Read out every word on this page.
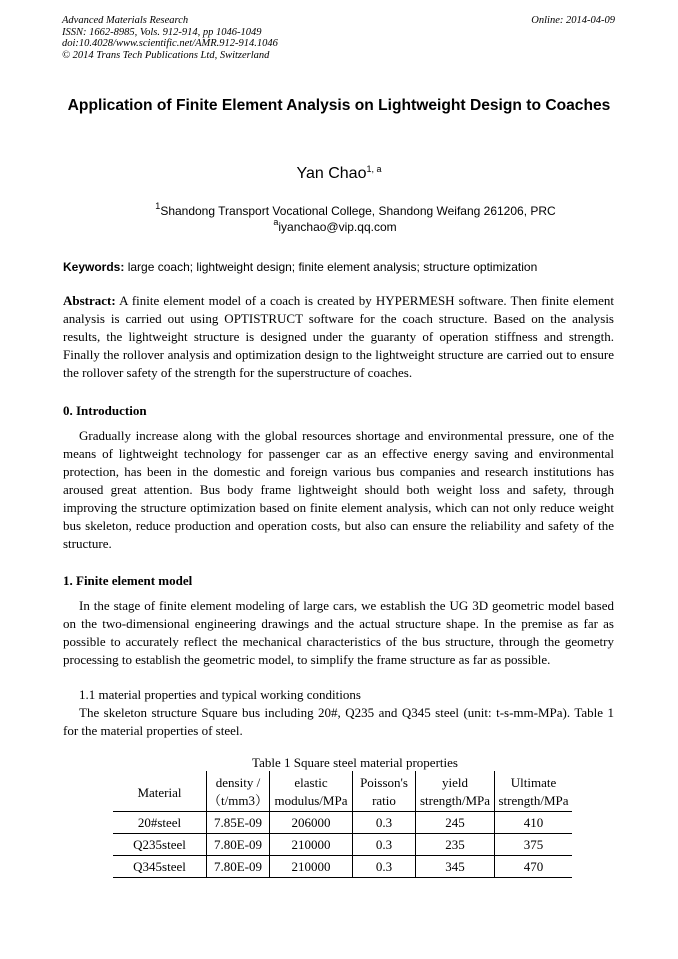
Advanced Materials Research
ISSN: 1662-8985, Vols. 912-914, pp 1046-1049
doi:10.4028/www.scientific.net/AMR.912-914.1046
© 2014 Trans Tech Publications Ltd, Switzerland
Online: 2014-04-09
Application of Finite Element Analysis on Lightweight Design to Coaches
Yan Chao$^{1, a}$
$^1$Shandong Transport Vocational College, Shandong Weifang 261206, PRC
$^a$iyanchao@vip.qq.com
Keywords: large coach; lightweight design; finite element analysis; structure optimization
Abstract: A finite element model of a coach is created by HYPERMESH software. Then finite element analysis is carried out using OPTISTRUCT software for the coach structure. Based on the analysis results, the lightweight structure is designed under the guaranty of operation stiffness and strength. Finally the rollover analysis and optimization design to the lightweight structure are carried out to ensure the rollover safety of the strength for the superstructure of coaches.
0. Introduction
Gradually increase along with the global resources shortage and environmental pressure, one of the means of lightweight technology for passenger car as an effective energy saving and environmental protection, has been in the domestic and foreign various bus companies and research institutions has aroused great attention. Bus body frame lightweight should both weight loss and safety, through improving the structure optimization based on finite element analysis, which can not only reduce weight bus skeleton, reduce production and operation costs, but also can ensure the reliability and safety of the structure.
1. Finite element model
In the stage of finite element modeling of large cars, we establish the UG 3D geometric model based on the two-dimensional engineering drawings and the actual structure shape. In the premise as far as possible to accurately reflect the mechanical characteristics of the bus structure, through the geometry processing to establish the geometric model, to simplify the frame structure as far as possible.
1.1 material properties and typical working conditions
The skeleton structure Square bus including 20#, Q235 and Q345 steel (unit: t-s-mm-MPa). Table 1 for the material properties of steel.
Table 1 Square steel material properties
Material	density /	elastic	Poisson's	yield	Ultimate
	（t/mm3）	modulus/MPa	ratio	strength/MPa	strength/MPa
20#steel	7.85E-09	206000	0.3	245	410
Q235steel	7.80E-09	210000	0.3	235	375
Q345steel	7.80E-09	210000	0.3	345	470
